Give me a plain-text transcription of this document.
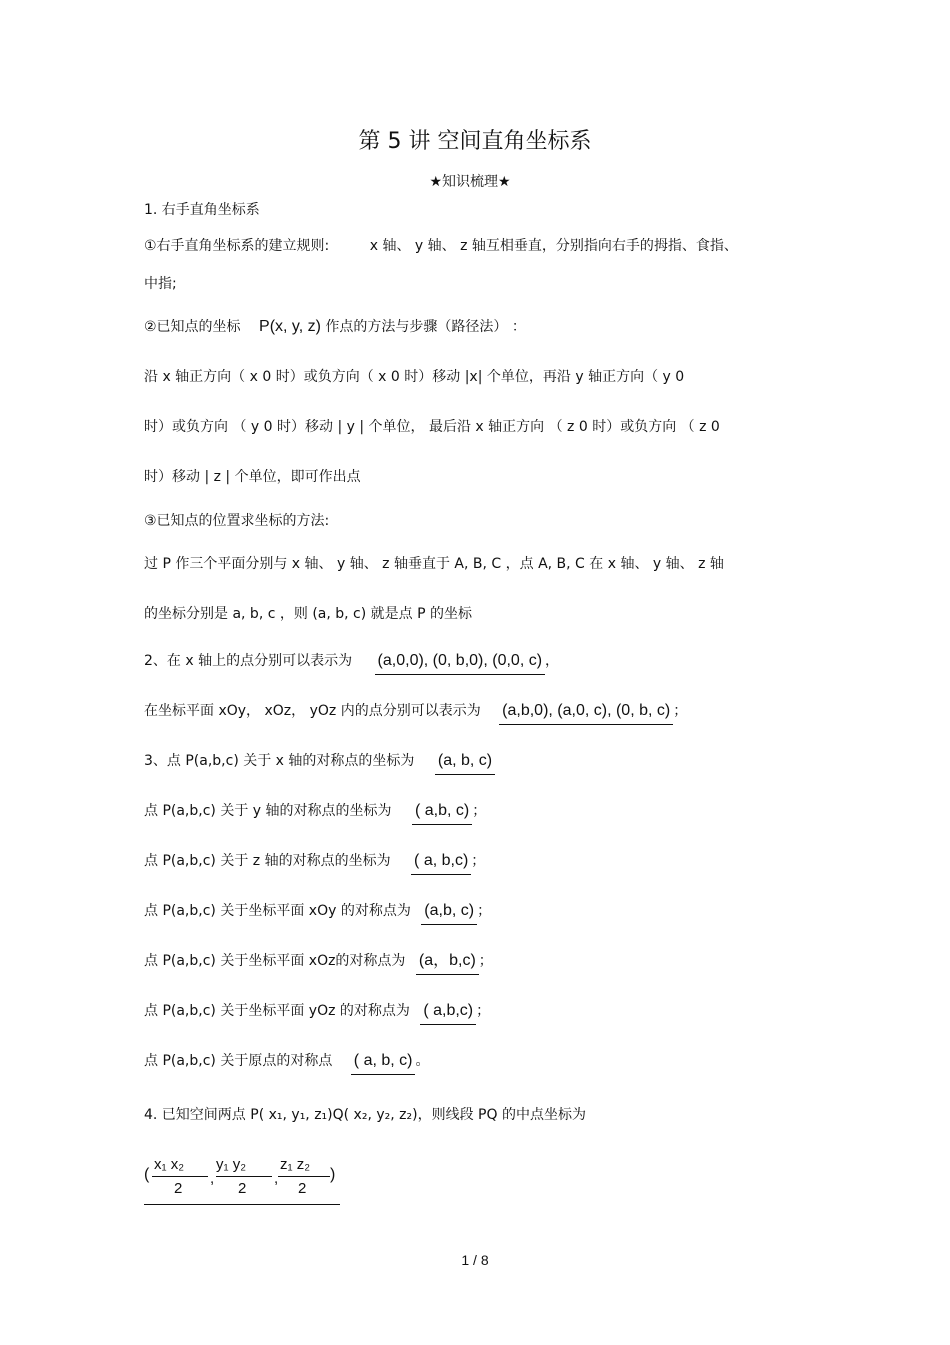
第 5 讲 空间直角坐标系
★知识梳理★
1. 右手直角坐标系
①右手直角坐标系的建立规则:	x 轴、 y 轴、 z 轴互相垂直，分别指向右手的拇指、食指、
中指;
②已知点的坐标 P(x, y, z) 作点的方法与步骤（路径法） ：
沿 x 轴正方向（ x 0 时）或负方向（ x 0 时）移动 |x| 个单位，再沿 y 轴正方向（ y 0
时）或负方向 （ y 0 时）移动 | y | 个单位， 最后沿 x 轴正方向 （ z 0 时）或负方向 （ z 0
时）移动 | z | 个单位，即可作出点
③已知点的位置求坐标的方法:
过 P 作三个平面分别与 x 轴、 y 轴、 z 轴垂直于 A, B, C ，点 A, B, C 在 x 轴、 y 轴、 z 轴
的坐标分别是 a, b, c ，则 (a, b, c) 就是点 P 的坐标
2、在 x 轴上的点分别可以表示为 (a,0,0), (0, b,0), (0,0, c) ，
在坐标平面 xOy， xOz， yOz 内的点分别可以表示为 (a,b,0), (a,0, c), (0, b, c) ；
3、点 P(a,b,c) 关于 x 轴的对称点的坐标为 (a, b, c)
点 P(a,b,c) 关于 y 轴的对称点的坐标为 ( a,b, c) ；
点 P(a,b,c) 关于 z 轴的对称点的坐标为 ( a, b,c) ；
点 P(a,b,c) 关于坐标平面 xOy 的对称点为 (a,b, c) ；
点 P(a,b,c) 关于坐标平面 xOz的对称点为 (a，b,c) ；
点 P(a,b,c) 关于坐标平面 yOz 的对称点为 ( a,b,c) ；
点 P(a,b,c) 关于原点的对称点 ( a, b, c) 。
4. 已知空间两点 P( x₁, y₁, z₁)Q( x₂, y₂, z₂)，则线段 PQ 的中点坐标为
(
x₁ x₂
2
,
y₁ y₂
2
,
z₁ z₂
2
)
1 / 8
